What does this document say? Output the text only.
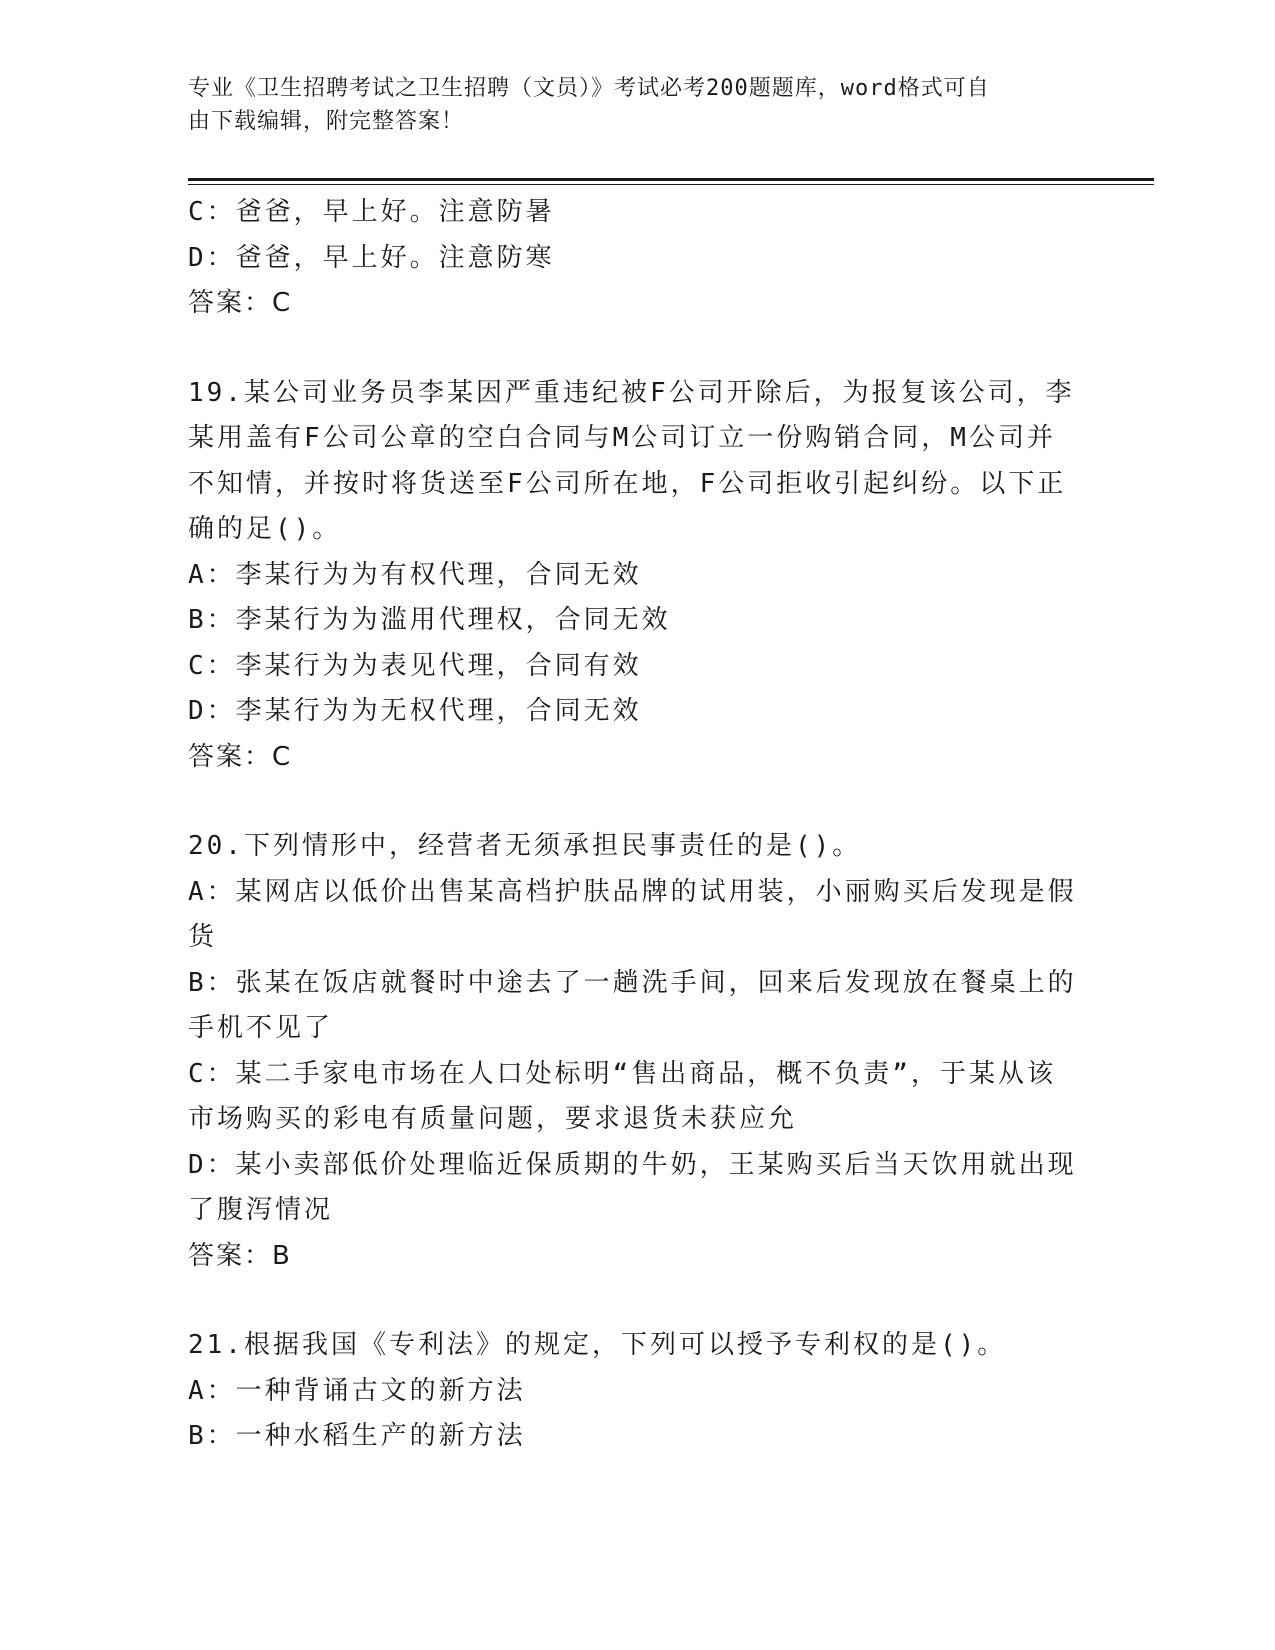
专业《卫生招聘考试之卫生招聘（文员）》考试必考200题题库，word格式可自
由下载编辑，附完整答案！
C：爸爸，早上好。注意防暑
D：爸爸，早上好。注意防寒
答案：C
19.某公司业务员李某因严重违纪被F公司开除后，为报复该公司，李
某用盖有F公司公章的空白合同与M公司订立一份购销合同，M公司并
不知情，并按时将货送至F公司所在地，F公司拒收引起纠纷。以下正
确的足()。
A：李某行为为有权代理，合同无效
B：李某行为为滥用代理权，合同无效
C：李某行为为表见代理，合同有效
D：李某行为为无权代理，合同无效
答案：C
20.下列情形中，经营者无须承担民事责任的是()。
A：某网店以低价出售某高档护肤品牌的试用装，小丽购买后发现是假
货
B：张某在饭店就餐时中途去了一趟洗手间，回来后发现放在餐桌上的
手机不见了
C：某二手家电市场在人口处标明“售出商品，概不负责”，于某从该
市场购买的彩电有质量问题，要求退货未获应允
D：某小卖部低价处理临近保质期的牛奶，王某购买后当天饮用就出现
了腹泻情况
答案：B
21.根据我国《专利法》的规定，下列可以授予专利权的是()。
A：一种背诵古文的新方法
B：一种水稻生产的新方法
